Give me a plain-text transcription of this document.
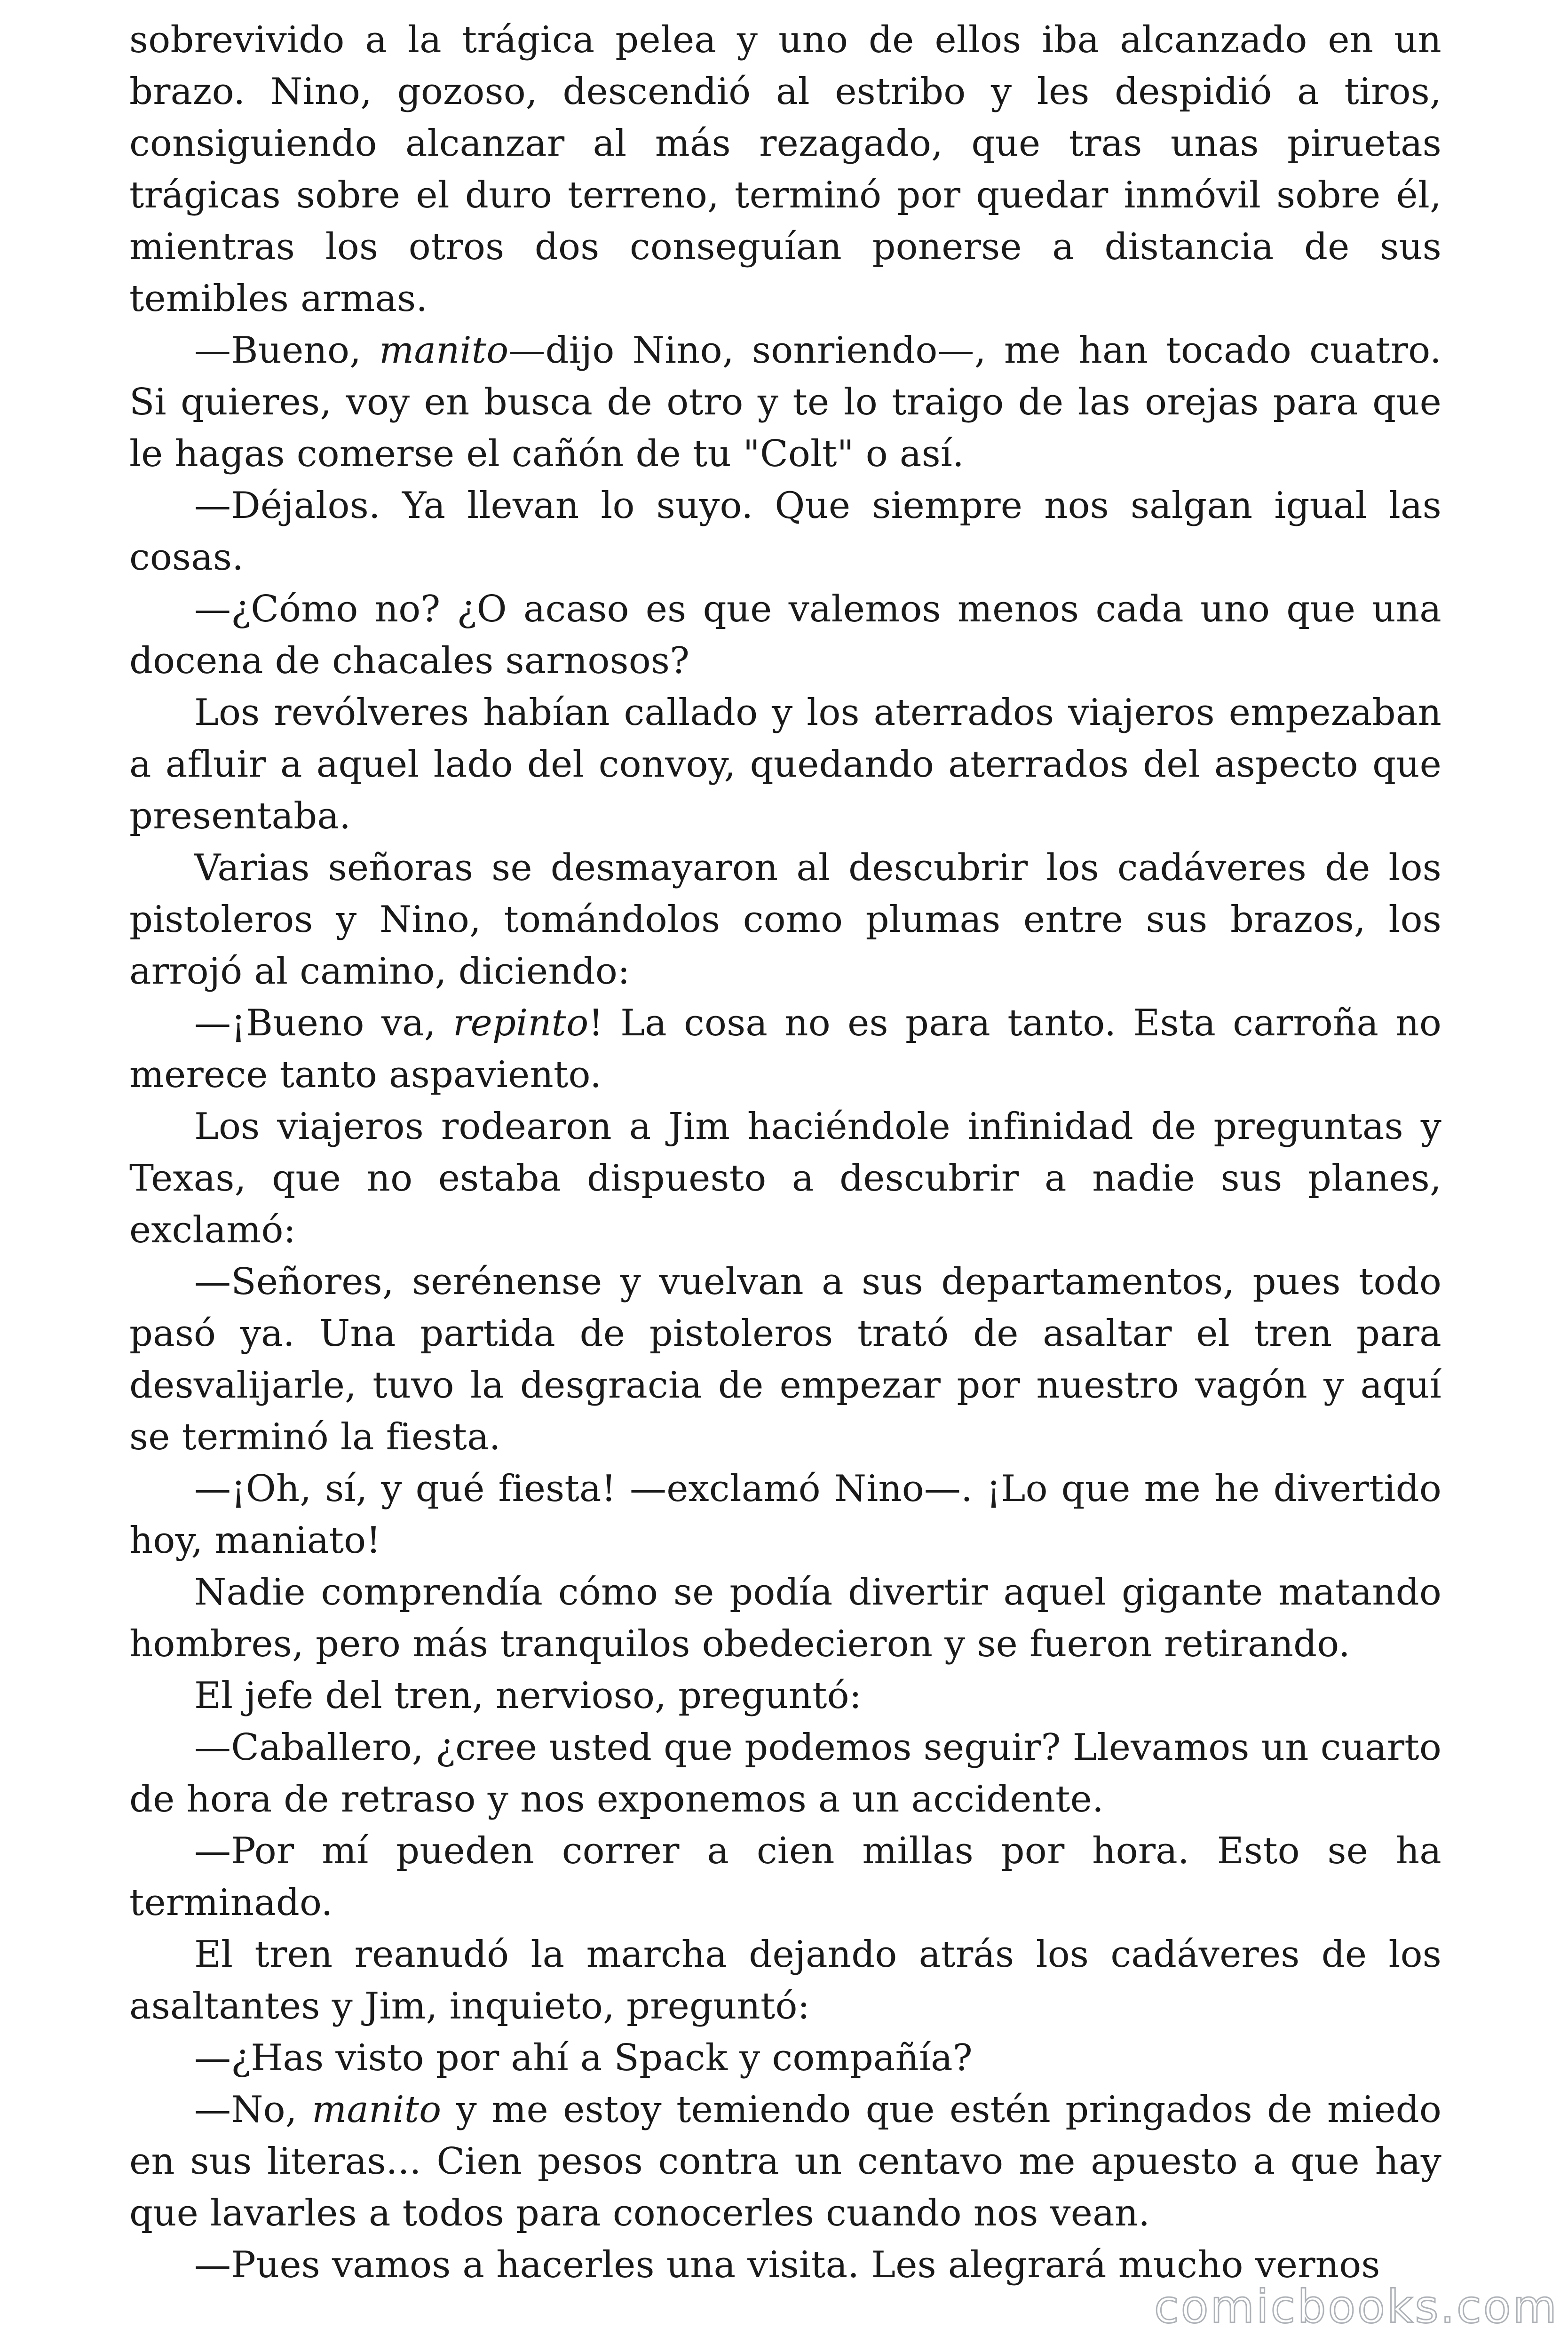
sobrevivido a la trágica pelea y uno de ellos iba alcanzado en un brazo. Nino, gozoso, descendió al estribo y les despidió a tiros, consiguiendo alcanzar al más rezagado, que tras unas piruetas trágicas sobre el duro terreno, terminó por quedar inmóvil sobre él, mientras los otros dos conseguían ponerse a distancia de sus temibles armas.

—Bueno, manito—dijo Nino, sonriendo—, me han tocado cuatro. Si quieres, voy en busca de otro y te lo traigo de las orejas para que le hagas comerse el cañón de tu "Colt" o así.

—Déjalos. Ya llevan lo suyo. Que siempre nos salgan igual las cosas.

—¿Cómo no? ¿O acaso es que valemos menos cada uno que una docena de chacales sarnosos?

Los revólveres habían callado y los aterrados viajeros empezaban a afluir a aquel lado del convoy, quedando aterrados del aspecto que presentaba.

Varias señoras se desmayaron al descubrir los cadáveres de los pistoleros y Nino, tomándolos como plumas entre sus brazos, los arrojó al camino, diciendo:

—¡Bueno va, repinto! La cosa no es para tanto. Esta carroña no merece tanto aspaviento.

Los viajeros rodearon a Jim haciéndole infinidad de preguntas y Texas, que no estaba dispuesto a descubrir a nadie sus planes, exclamó:

—Señores, serénense y vuelvan a sus departamentos, pues todo pasó ya. Una partida de pistoleros trató de asaltar el tren para desvalijarle, tuvo la desgracia de empezar por nuestro vagón y aquí se terminó la fiesta.

—¡Oh, sí, y qué fiesta! —exclamó Nino—. ¡Lo que me he divertido hoy, maniato!

Nadie comprendía cómo se podía divertir aquel gigante matando hombres, pero más tranquilos obedecieron y se fueron retirando.

El jefe del tren, nervioso, preguntó:

—Caballero, ¿cree usted que podemos seguir? Llevamos un cuarto de hora de retraso y nos exponemos a un accidente.

—Por mí pueden correr a cien millas por hora. Esto se ha terminado.

El tren reanudó la marcha dejando atrás los cadáveres de los asaltantes y Jim, inquieto, preguntó:

—¿Has visto por ahí a Spack y compañía?

—No, manito y me estoy temiendo que estén pringados de miedo en sus literas... Cien pesos contra un centavo me apuesto a que hay que lavarles a todos para conocerles cuando nos vean.

—Pues vamos a hacerles una visita. Les alegrará mucho vernos

comicbooks.com
